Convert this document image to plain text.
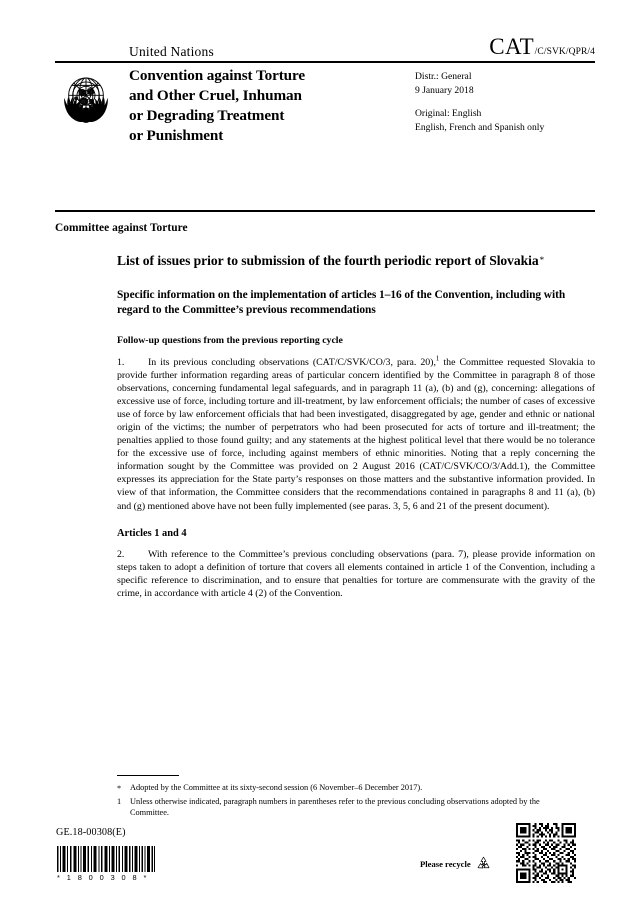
United Nations	CAT /C/SVK/QPR/4
Convention against Torture
and Other Cruel, Inhuman
or Degrading Treatment
or Punishment
Distr.: General
9 January 2018
Original: English
English, French and Spanish only
Committee against Torture
List of issues prior to submission of the fourth periodic report of Slovakia*
Specific information on the implementation of articles 1–16 of the Convention, including with regard to the Committee’s previous recommendations
Follow-up questions from the previous reporting cycle

1. In its previous concluding observations (CAT/C/SVK/CO/3, para. 20),$^1$ the Committee requested Slovakia to provide further information regarding areas of particular concern identified by the Committee in paragraph 8 of those observations, concerning fundamental legal safeguards, and in paragraph 11 (a), (b) and (g), concerning: allegations of excessive use of force, including torture and ill-treatment, by law enforcement officials; the number of cases of excessive use of force by law enforcement officials that had been investigated, disaggregated by age, gender and ethnic or national origin of the victims; the number of perpetrators who had been prosecuted for acts of torture and ill-treatment; the penalties applied to those found guilty; and any statements at the highest political level that there would be no tolerance for the excessive use of force, including against members of ethnic minorities. Noting that a reply concerning the information sought by the Committee was provided on 2 August 2016 (CAT/C/SVK/CO/3/Add.1), the Committee expresses its appreciation for the State party’s responses on those matters and the substantive information provided. In view of that information, the Committee considers that the recommendations contained in paragraphs 8 and 11 (a), (b) and (g) mentioned above have not been fully implemented (see paras. 3, 5, 6 and 21 of the present document).

Articles 1 and 4

2. With reference to the Committee’s previous concluding observations (para. 7), please provide information on steps taken to adopt a definition of torture that covers all elements contained in article 1 of the Convention, including a specific reference to discrimination, and to ensure that penalties for torture are commensurate with the gravity of the crime, in accordance with article 4 (2) of the Convention.

*	Adopted by the Committee at its sixty-second session (6 November–6 December 2017).
1	Unless otherwise indicated, paragraph numbers in parentheses refer to the previous concluding observations adopted by the Committee.
GE.18-00308(E)
* 1 8 0 0 3 0 8 *
Please recycle
